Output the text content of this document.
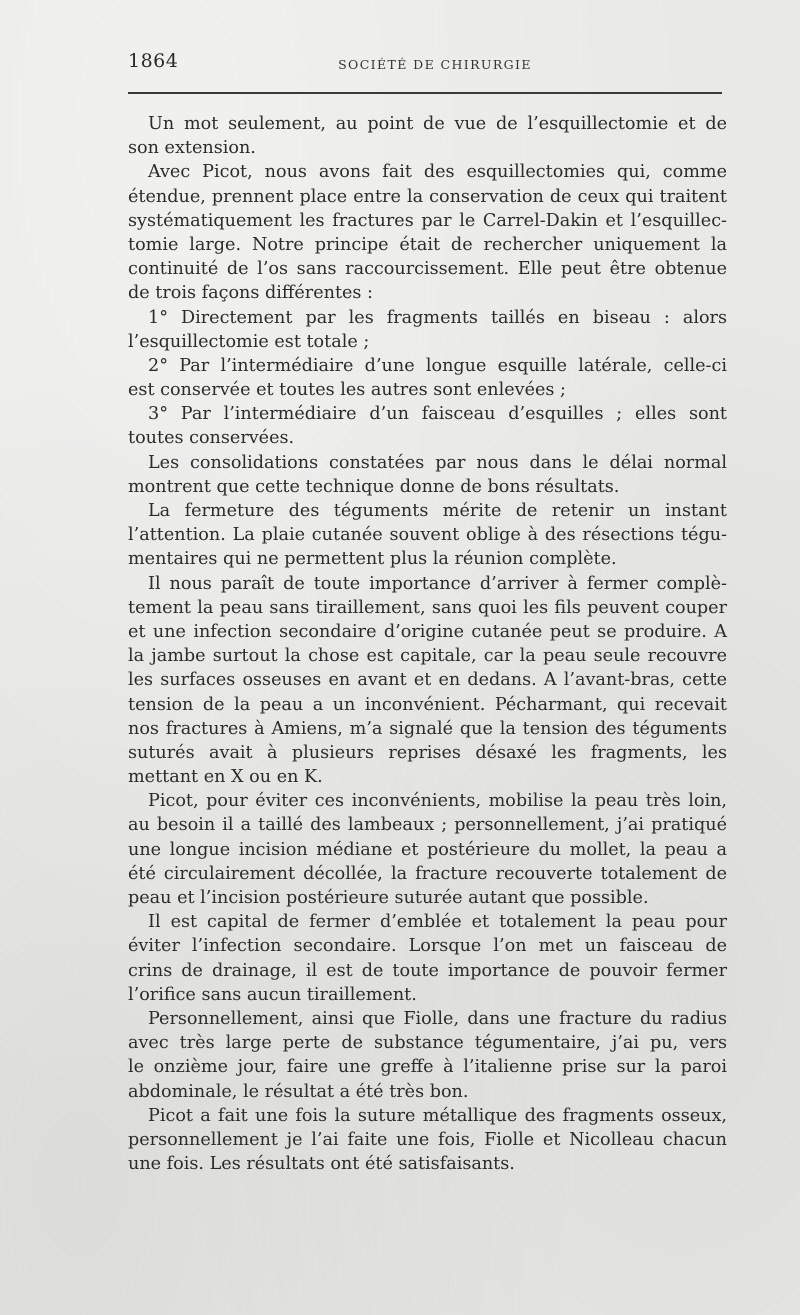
1864	SOCIÉTÉ DE CHIRURGIE
Un mot seulement, au point de vue de l’esquillectomie et de
son extension.
Avec Picot, nous avons fait des esquillectomies qui, comme
étendue, prennent place entre la conservation de ceux qui traitent
systématiquement les fractures par le Carrel-Dakin et l’esquillec-
tomie large. Notre principe était de rechercher uniquement la
continuité de l’os sans raccourcissement. Elle peut être obtenue
de trois façons différentes :
1° Directement par les fragments taillés en biseau : alors
l’esquillectomie est totale ;
2° Par l’intermédiaire d’une longue esquille latérale, celle-ci
est conservée et toutes les autres sont enlevées ;
3° Par l’intermédiaire d’un faisceau d’esquilles ; elles sont
toutes conservées.
Les consolidations constatées par nous dans le délai normal
montrent que cette technique donne de bons résultats.
La fermeture des téguments mérite de retenir un instant
l’attention. La plaie cutanée souvent oblige à des résections tégu-
mentaires qui ne permettent plus la réunion complète.
Il nous paraît de toute importance d’arriver à fermer complè-
tement la peau sans tiraillement, sans quoi les fils peuvent couper
et une infection secondaire d’origine cutanée peut se produire. A
la jambe surtout la chose est capitale, car la peau seule recouvre
les surfaces osseuses en avant et en dedans. A l’avant-bras, cette
tension de la peau a un inconvénient. Pécharmant, qui recevait
nos fractures à Amiens, m’a signalé que la tension des téguments
suturés avait à plusieurs reprises désaxé les fragments, les
mettant en X ou en K.
Picot, pour éviter ces inconvénients, mobilise la peau très loin,
au besoin il a taillé des lambeaux ; personnellement, j’ai pratiqué
une longue incision médiane et postérieure du mollet, la peau a
été circulairement décollée, la fracture recouverte totalement de
peau et l’incision postérieure suturée autant que possible.
Il est capital de fermer d’emblée et totalement la peau pour
éviter l’infection secondaire. Lorsque l’on met un faisceau de
crins de drainage, il est de toute importance de pouvoir fermer
l’orifice sans aucun tiraillement.
Personnellement, ainsi que Fiolle, dans une fracture du radius
avec très large perte de substance tégumentaire, j’ai pu, vers
le onzième jour, faire une greffe à l’italienne prise sur la paroi
abdominale, le résultat a été très bon.
Picot a fait une fois la suture métallique des fragments osseux,
personnellement je l’ai faite une fois, Fiolle et Nicolleau chacun
une fois. Les résultats ont été satisfaisants.
